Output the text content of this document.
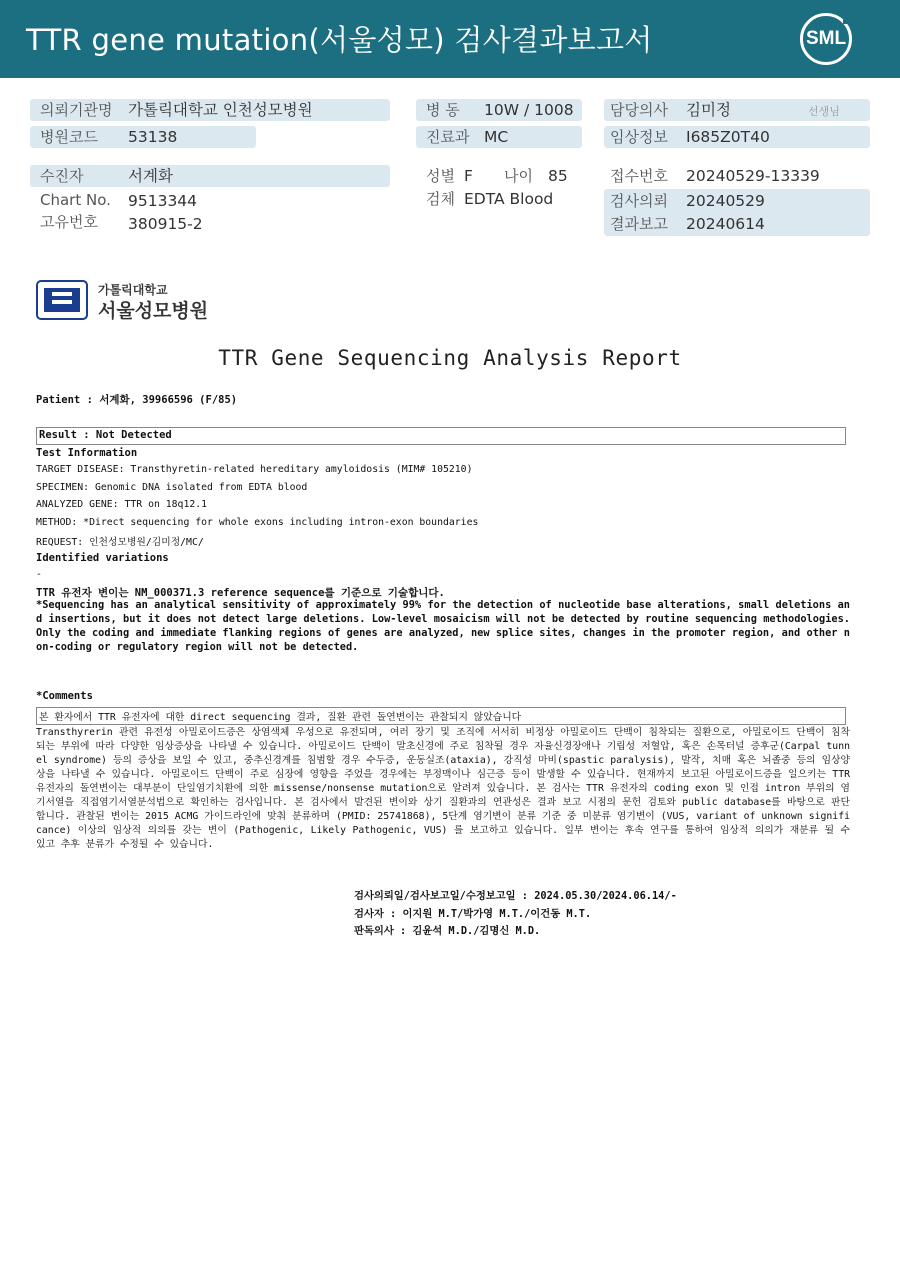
TTR gene mutation(서울성모) 검사결과보고서	SML
의뢰기관명 가톨릭대학교 인천성모병원
병원코드 53138
병 동 10W / 1008
진료과 MC
담당의사 김미정	선생님
임상정보 I685Z0T40
수진자	서계화
Chart No. 9513344
고유번호 380915-2
성별 F 나이 85
검체 EDTA Blood
접수번호 20240529-13339
검사의뢰 20240529
결과보고 20240614
가톨릭대학교
서울성모병원
TTR Gene Sequencing Analysis Report
Patient : 서계화, 39966596 (F/85)
Result : Not Detected
Test Information
TARGET DISEASE: Transthyretin-related hereditary amyloidosis (MIM# 105210)
SPECIMEN: Genomic DNA isolated from EDTA blood
ANALYZED GENE: TTR on 18q12.1
METHOD: *Direct sequencing for whole exons including intron-exon boundaries
REQUEST: 인천성모병원/김미정/MC/
Identified variations
-
TTR 유전자 변이는 NM_000371.3 reference sequence를 기준으로 기술합니다.
*Sequencing has an analytical sensitivity of approximately 99% for the detection of nucleotide base alterations, small deletions and insertions, but it does not detect large deletions. Low-level mosaicism will not be detected by routine sequencing methodologies. Only the coding and immediate flanking regions of genes are analyzed, new splice sites, changes in the promoter region, and other non-coding or regulatory region will not be detected.
*Comments
본 환자에서 TTR 유전자에 대한 direct sequencing 결과, 질환 관련 돌연변이는 관찰되지 않았습니다
Transthyrerin 관련 유전성 아밀로이드증은 상염색체 우성으로 유전되며, 여러 장기 및 조직에 서서히 비정상 아밀로이드 단백이 침착되는 질환으로, 아밀로이드 단백이 침착되는 부위에 따라 다양한 임상증상을 나타낼 수 있습니다. 아밀로이드 단백이 말초신경에 주로 침착될 경우 자율신경장애나 기립성 저혈압, 혹은 손목터널 증후군(Carpal tunnel syndrome) 등의 증상을 보일 수 있고, 중추신경계를 침범할 경우 수두증, 운동실조(ataxia), 강직성 마비(spastic paralysis), 발작, 치매 혹은 뇌졸중 등의 임상양상을 나타낼 수 있습니다. 아밀로이드 단백이 주로 심장에 영향을 주었을 경우에는 부정맥이나 심근증 등이 발생할 수 있습니다. 현재까지 보고된 아밀로이드증을 일으키는 TTR 유전자의 돌연변이는 대부분이 단일염기치환에 의한 missense/nonsense mutation으로 알려져 있습니다. 본 검사는 TTR 유전자의 coding exon 및 인접 intron 부위의 염기서열을 직접염기서열분석법으로 확인하는 검사입니다. 본 검사에서 발견된 변이와 상기 질환과의 연관성은 결과 보고 시점의 문헌 검토와 public database를 바탕으로 판단합니다. 관찰된 변이는 2015 ACMG 가이드라인에 맞춰 분류하며 (PMID: 25741868), 5단계 염기변이 분류 기준 중 미분류 염기변이 (VUS, variant of unknown significance) 이상의 임상적 의의를 갖는 변이 (Pathogenic, Likely Pathogenic, VUS) 를 보고하고 있습니다. 일부 변이는 후속 연구를 통하여 임상적 의의가 재분류 될 수 있고 추후 분류가 수정될 수 있습니다.
검사의뢰일/검사보고일/수정보고일 : 2024.05.30/2024.06.14/-
검사자 : 이지원 M.T/박가영 M.T./이건동 M.T.
판독의사 : 김윤석 M.D./김명신 M.D.
